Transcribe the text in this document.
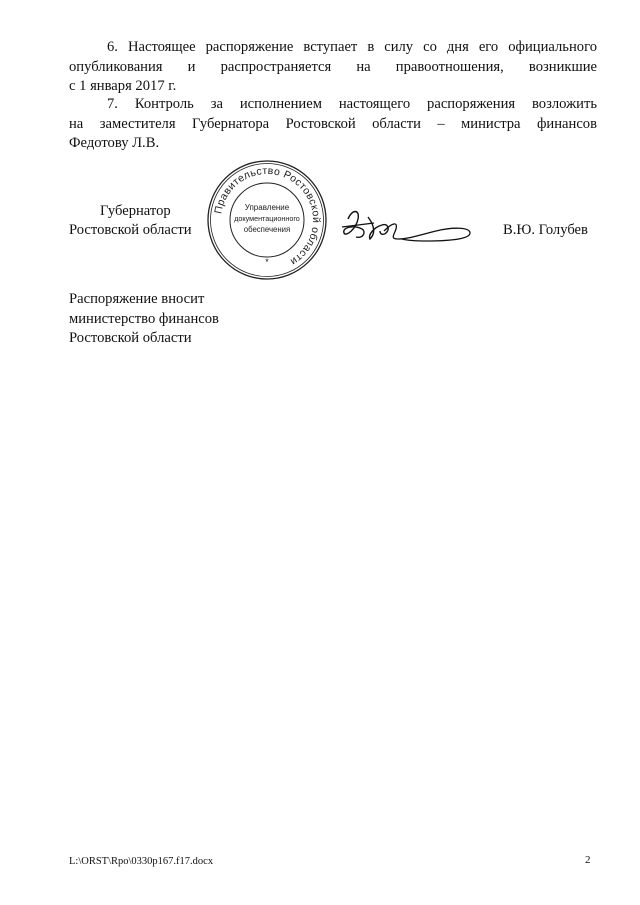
6. Настоящее распоряжение вступает в силу со дня его официального
опубликования и распространяется на правоотношения, возникшие
с 1 января 2017 г.
7. Контроль за исполнением настоящего распоряжения возложить
на заместителя Губернатора Ростовской области – министра финансов
Федотову Л.В.
Губернатор
Ростовской области	В.Ю. Голубев
Правительство Ростовской области
Управление
документационного
обеспечения
*
Распоряжение вносит
министерство финансов
Ростовской области
L:\ORST\Rpo\0330p167.f17.docx	2
